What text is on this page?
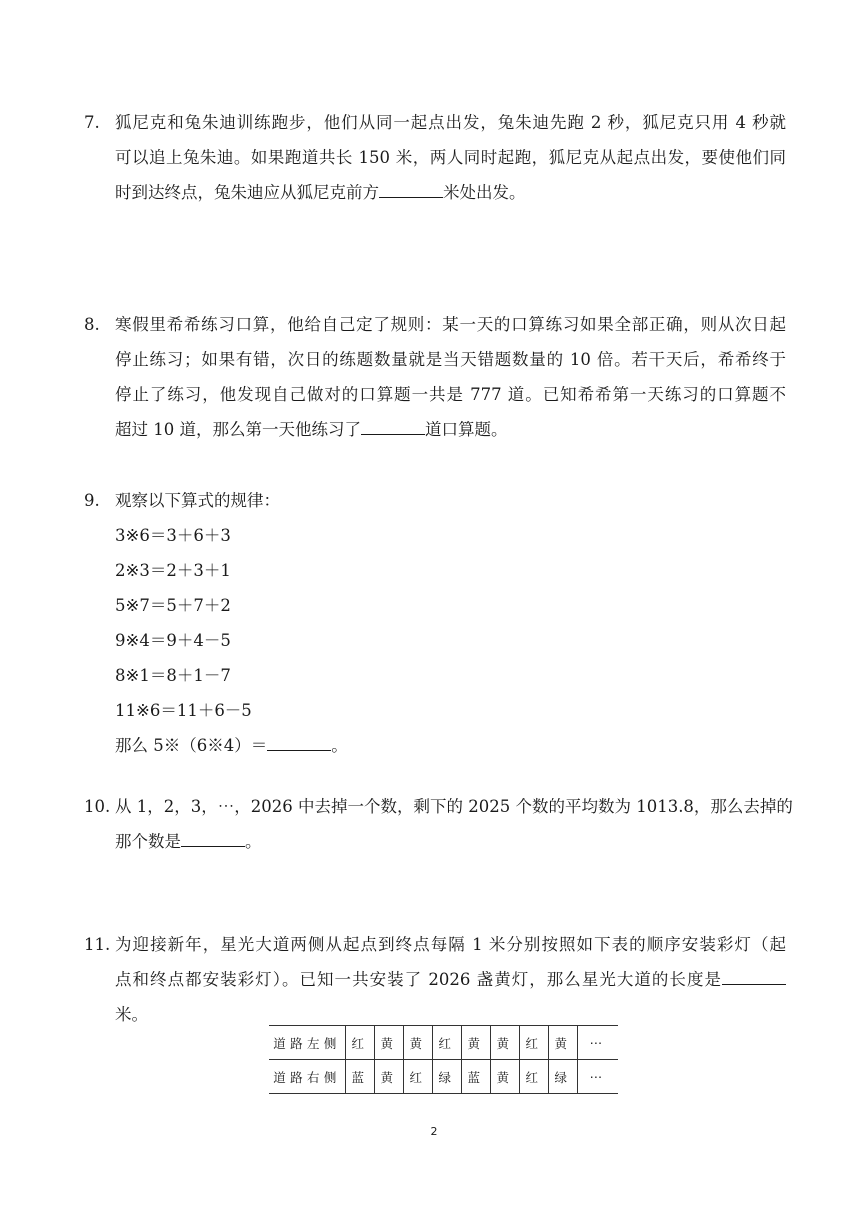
7. 狐尼克和兔朱迪训练跑步，他们从同一起点出发，兔朱迪先跑 2 秒，狐尼克只用 4 秒就
可以追上兔朱迪。如果跑道共长 150 米，两人同时起跑，狐尼克从起点出发，要使他们同
时到达终点，兔朱迪应从狐尼克前方	米处出发。
8. 寒假里希希练习口算，他给自己定了规则：某一天的口算练习如果全部正确，则从次日起
停止练习；如果有错，次日的练题数量就是当天错题数量的 10 倍。若干天后，希希终于
停止了练习，他发现自己做对的口算题一共是 777 道。已知希希第一天练习的口算题不
超过 10 道，那么第一天他练习了	道口算题。
9. 观察以下算式的规律：
3※6＝3＋6＋3
2※3＝2＋3＋1
5※7＝5＋7＋2
9※4＝9＋4－5
8※1＝8＋1－7
11※6＝11＋6－5
那么 5※（6※4）＝	。
10. 从 1，2，3，⋯，2026 中去掉一个数，剩下的 2025 个数的平均数为 1013.8，那么去掉的
那个数是	。
11. 为迎接新年，星光大道两侧从起点到终点每隔 1 米分别按照如下表的顺序安装彩灯（起
点和终点都安装彩灯）。已知一共安装了 2026 盏黄灯，那么星光大道的长度是
米。
道路左侧	红	黄	黄	红	黄	黄	红	黄	⋯
道路右侧	蓝	黄	红	绿	蓝	黄	红	绿	⋯
2
